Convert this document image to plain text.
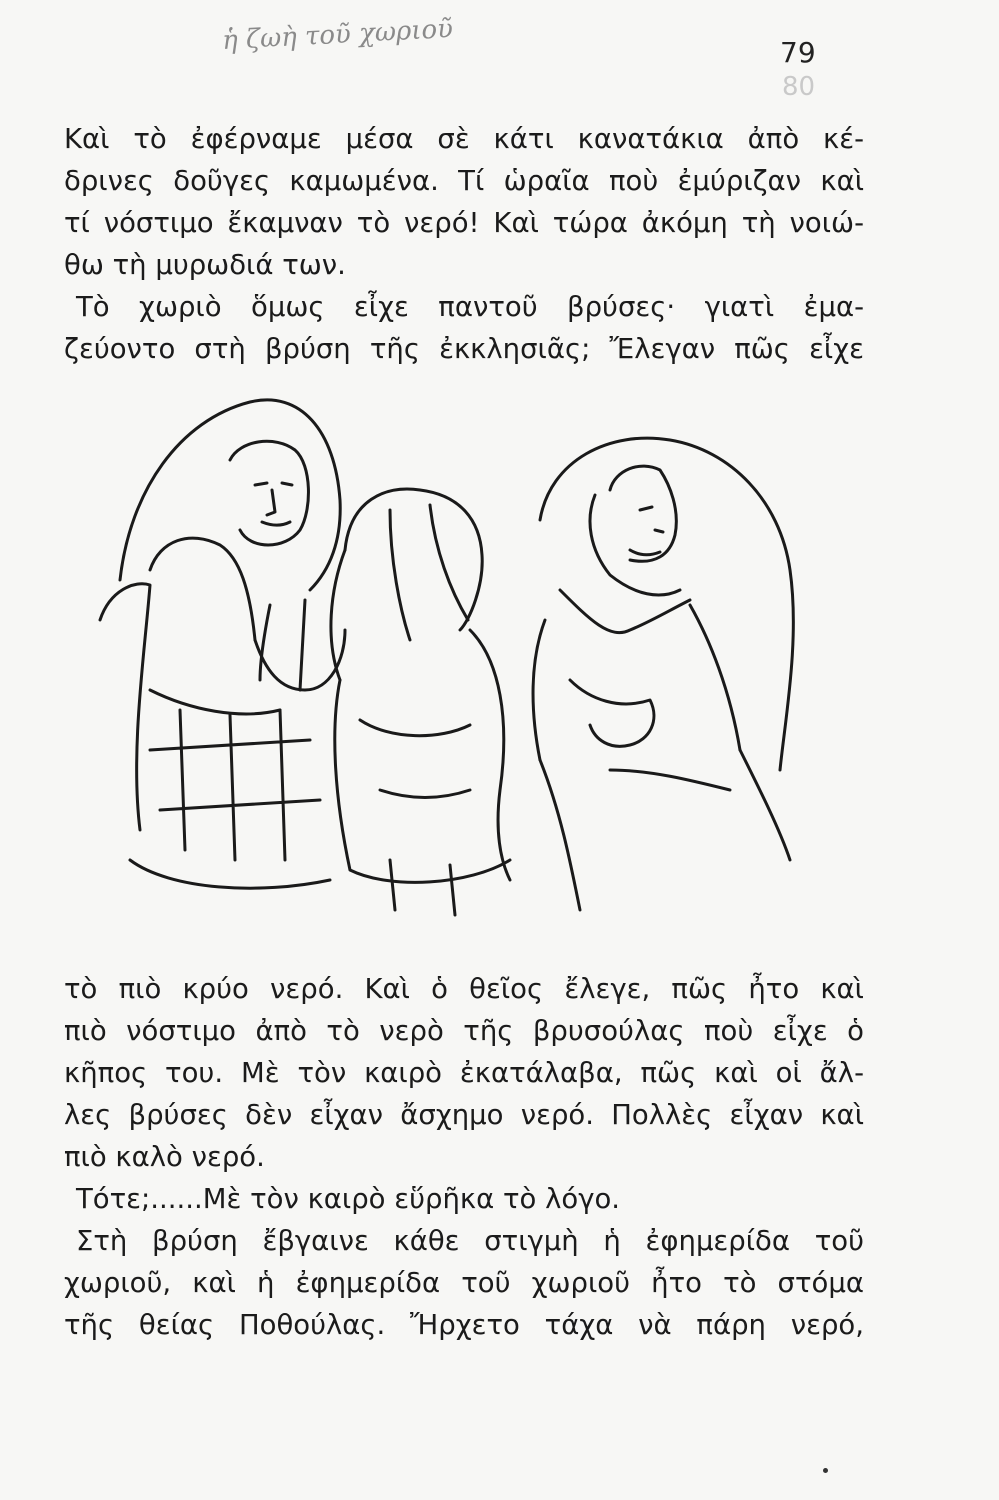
ἡ ζωὴ τοῦ χωριοῦ	79
80

Καὶ τὸ ἐφέρναμε μέσα σὲ κάτι κανατάκια ἀπὸ κέ-

δρινες δοῦγες καμωμένα. Τί ὡραῖα ποὺ ἐμύριζαν καὶ

τί νόστιμο ἔκαμναν τὸ νερό! Καὶ τώρα ἀκόμη τὴ νοιώ-

θω τὴ μυρωδιά των.

Τὸ χωριὸ ὅμως εἶχε παντοῦ βρύσες· γιατὶ ἐμα-

ζεύοντο στὴ βρύση τῆς ἐκκλησιᾶς; Ἔλεγαν πῶς εἶχε

τὸ πιὸ κρύο νερό. Καὶ ὁ θεῖος ἔλεγε, πῶς ἦτο καὶ

πιὸ νόστιμο ἀπὸ τὸ νερὸ τῆς βρυσούλας ποὺ εἶχε ὁ

κῆπος του. Μὲ τὸν καιρὸ ἐκατάλαβα, πῶς καὶ οἱ ἄλ-

λες βρύσες δὲν εἶχαν ἄσχημο νερό. Πολλὲς εἶχαν καὶ

πιὸ καλὸ νερό.

Τότε;......Μὲ τὸν καιρὸ εὕρῆκα τὸ λόγο.

Στὴ βρύση ἔβγαινε κάθε στιγμὴ ἡ ἐφημερίδα τοῦ

χωριοῦ, καὶ ἡ ἐφημερίδα τοῦ χωριοῦ ἦτο τὸ στόμα

τῆς θείας Ποθούλας. Ἤρχετο τάχα νὰ πάρη νερό,
